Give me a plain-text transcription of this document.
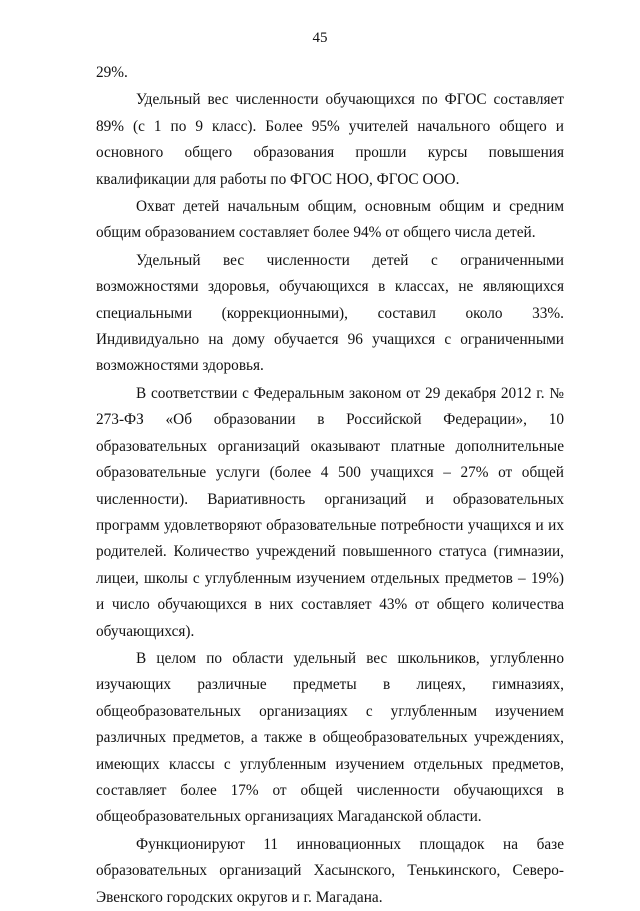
45

29%.

Удельный вес численности обучающихся по ФГОС составляет 89% (с 1 по 9 класс). Более 95% учителей начального общего и основного общего образования прошли курсы повышения квалификации для работы по ФГОС НОО, ФГОС ООО.

Охват детей начальным общим, основным общим и средним общим образованием составляет более 94% от общего числа детей.

Удельный вес численности детей с ограниченными возможностями здоровья, обучающихся в классах, не являющихся специальными (коррекционными), составил около 33%. Индивидуально на дому обучается 96 учащихся с ограниченными возможностями здоровья.

В соответствии с Федеральным законом от 29 декабря 2012 г. № 273-ФЗ «Об образовании в Российской Федерации», 10 образовательных организаций оказывают платные дополнительные образовательные услуги (более 4 500 учащихся – 27% от общей численности). Вариативность организаций и образовательных программ удовлетворяют образовательные потребности учащихся и их родителей. Количество учреждений повышенного статуса (гимназии, лицеи, школы с углубленным изучением отдельных предметов – 19%) и число обучающихся в них составляет 43% от общего количества обучающихся).

В целом по области удельный вес школьников, углубленно изучающих различные предметы в лицеях, гимназиях, общеобразовательных организациях с углубленным изучением различных предметов, а также в общеобразовательных учреждениях, имеющих классы с углубленным изучением отдельных предметов, составляет более 17% от общей численности обучающихся в общеобразовательных организациях Магаданской области.

Функционируют 11 инновационных площадок на базе образовательных организаций Хасынского, Тенькинского, Северо-Эвенского городских округов и г. Магадана.
